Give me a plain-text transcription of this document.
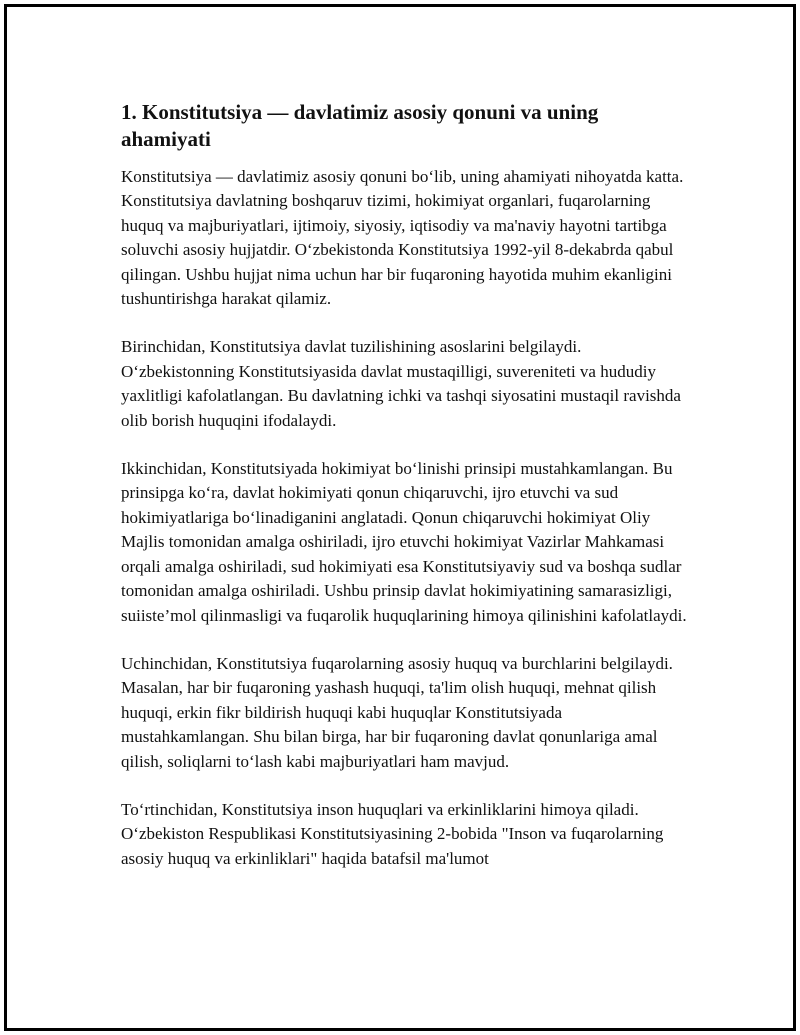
1. Konstitutsiya — davlatimiz asosiy qonuni va uning ahamiyati

Konstitutsiya — davlatimiz asosiy qonuni bo‘lib, uning ahamiyati nihoyatda katta. Konstitutsiya davlatning boshqaruv tizimi, hokimiyat organlari, fuqarolarning huquq va majburiyatlari, ijtimoiy, siyosiy, iqtisodiy va ma'naviy hayotni tartibga soluvchi asosiy hujjatdir. O‘zbekistonda Konstitutsiya 1992-yil 8-dekabrda qabul qilingan. Ushbu hujjat nima uchun har bir fuqaroning hayotida muhim ekanligini tushuntirishga harakat qilamiz.

Birinchidan, Konstitutsiya davlat tuzilishining asoslarini belgilaydi. O‘zbekistonning Konstitutsiyasida davlat mustaqilligi, suvereniteti va hududiy yaxlitligi kafolatlangan. Bu davlatning ichki va tashqi siyosatini mustaqil ravishda olib borish huquqini ifodalaydi.

Ikkinchidan, Konstitutsiyada hokimiyat bo‘linishi prinsipi mustahkamlangan. Bu prinsipga ko‘ra, davlat hokimiyati qonun chiqaruvchi, ijro etuvchi va sud hokimiyatlariga bo‘linadiganini anglatadi. Qonun chiqaruvchi hokimiyat Oliy Majlis tomonidan amalga oshiriladi, ijro etuvchi hokimiyat Vazirlar Mahkamasi orqali amalga oshiriladi, sud hokimiyati esa Konstitutsiyaviy sud va boshqa sudlar tomonidan amalga oshiriladi. Ushbu prinsip davlat hokimiyatining samarasizligi, suiiste’mol qilinmasligi va fuqarolik huquqlarining himoya qilinishini kafolatlaydi.

Uchinchidan, Konstitutsiya fuqarolarning asosiy huquq va burchlarini belgilaydi. Masalan, har bir fuqaroning yashash huquqi, ta'lim olish huquqi, mehnat qilish huquqi, erkin fikr bildirish huquqi kabi huquqlar Konstitutsiyada mustahkamlangan. Shu bilan birga, har bir fuqaroning davlat qonunlariga amal qilish, soliqlarni to‘lash kabi majburiyatlari ham mavjud.

To‘rtinchidan, Konstitutsiya inson huquqlari va erkinliklarini himoya qiladi. O‘zbekiston Respublikasi Konstitutsiyasining 2-bobida "Inson va fuqarolarning asosiy huquq va erkinliklari" haqida batafsil ma'lumot
